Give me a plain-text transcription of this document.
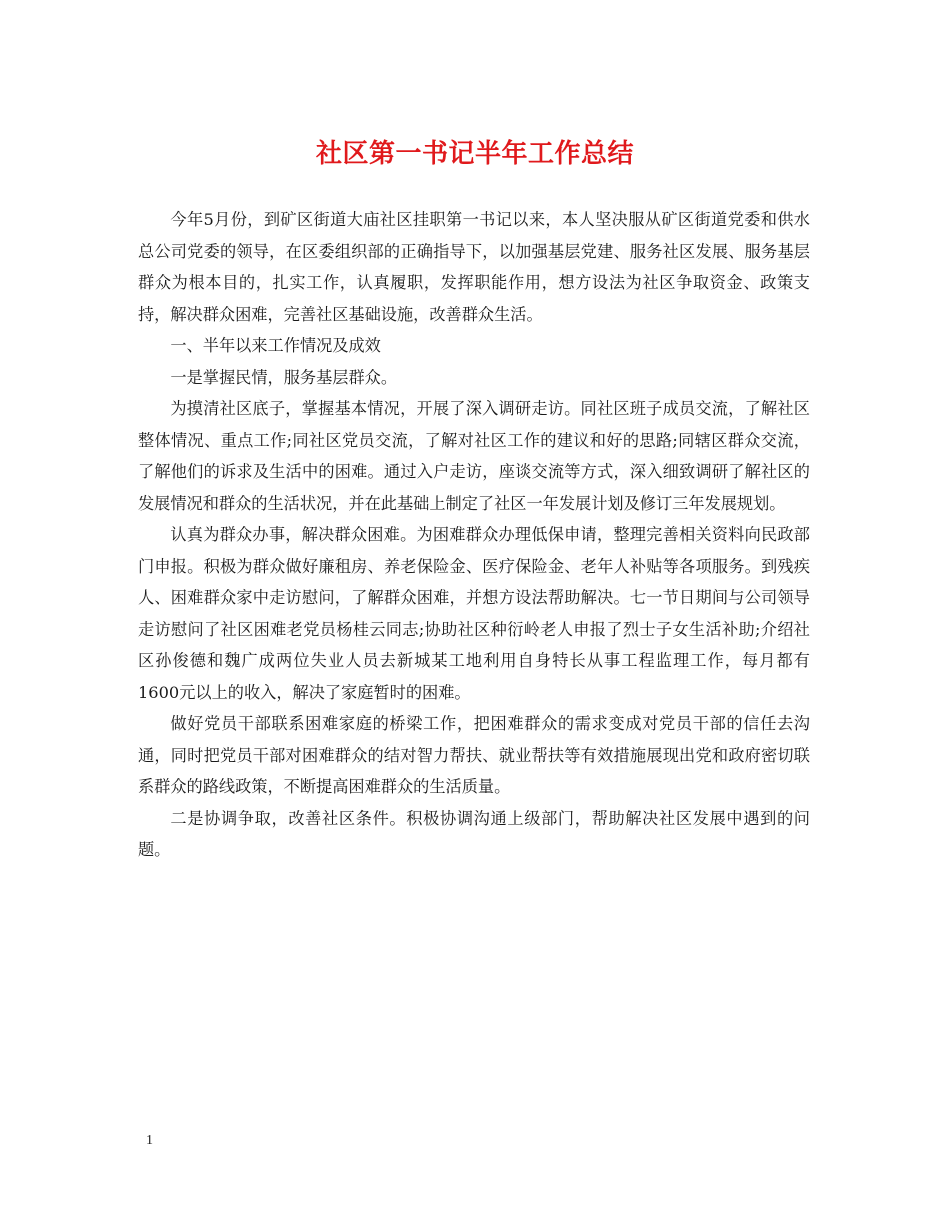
社区第一书记半年工作总结

今年5月份，到矿区街道大庙社区挂职第一书记以来，本人坚决服从矿区街道党委和供水总公司党委的领导，在区委组织部的正确指导下，以加强基层党建、服务社区发展、服务基层群众为根本目的，扎实工作，认真履职，发挥职能作用，想方设法为社区争取资金、政策支持，解决群众困难，完善社区基础设施，改善群众生活。

一、半年以来工作情况及成效

一是掌握民情，服务基层群众。

为摸清社区底子，掌握基本情况，开展了深入调研走访。同社区班子成员交流，了解社区整体情况、重点工作;同社区党员交流，了解对社区工作的建议和好的思路;同辖区群众交流，了解他们的诉求及生活中的困难。通过入户走访，座谈交流等方式，深入细致调研了解社区的发展情况和群众的生活状况，并在此基础上制定了社区一年发展计划及修订三年发展规划。

认真为群众办事，解决群众困难。为困难群众办理低保申请，整理完善相关资料向民政部门申报。积极为群众做好廉租房、养老保险金、医疗保险金、老年人补贴等各项服务。到残疾人、困难群众家中走访慰问，了解群众困难，并想方设法帮助解决。七一节日期间与公司领导走访慰问了社区困难老党员杨桂云同志;协助社区种衍岭老人申报了烈士子女生活补助;介绍社区孙俊德和魏广成两位失业人员去新城某工地利用自身特长从事工程监理工作，每月都有1600元以上的收入，解决了家庭暂时的困难。

做好党员干部联系困难家庭的桥梁工作，把困难群众的需求变成对党员干部的信任去沟通，同时把党员干部对困难群众的结对智力帮扶、就业帮扶等有效措施展现出党和政府密切联系群众的路线政策，不断提高困难群众的生活质量。

二是协调争取，改善社区条件。积极协调沟通上级部门，帮助解决社区发展中遇到的问题。

1
